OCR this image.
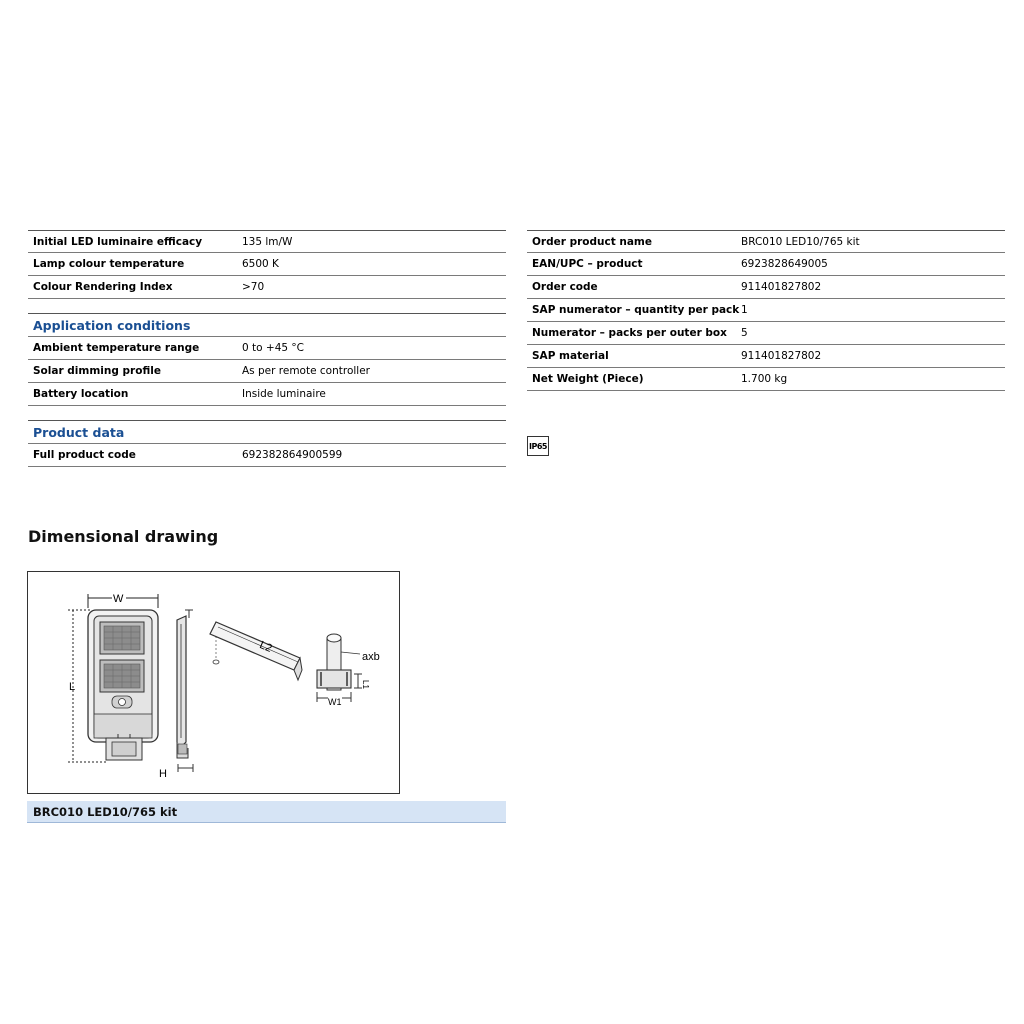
Initial LED luminaire efficacy	135 lm/W
Lamp colour temperature	6500 K
Colour Rendering Index	>70
Application conditions
Ambient temperature range	0 to +45 °C
Solar dimming profile	As per remote controller
Battery location	Inside luminaire
Product data
Full product code	692382864900599
Order product name	BRC010 LED10/765 kit
EAN/UPC – product	6923828649005
Order code	911401827802
SAP numerator – quantity per pack 1
Numerator – packs per outer box	5
SAP material	911401827802
Net Weight (Piece)	1.700 kg
IP65
Dimensional drawing
W
L
H
L2
axb
W1
L1
BRC010 LED10/765 kit
